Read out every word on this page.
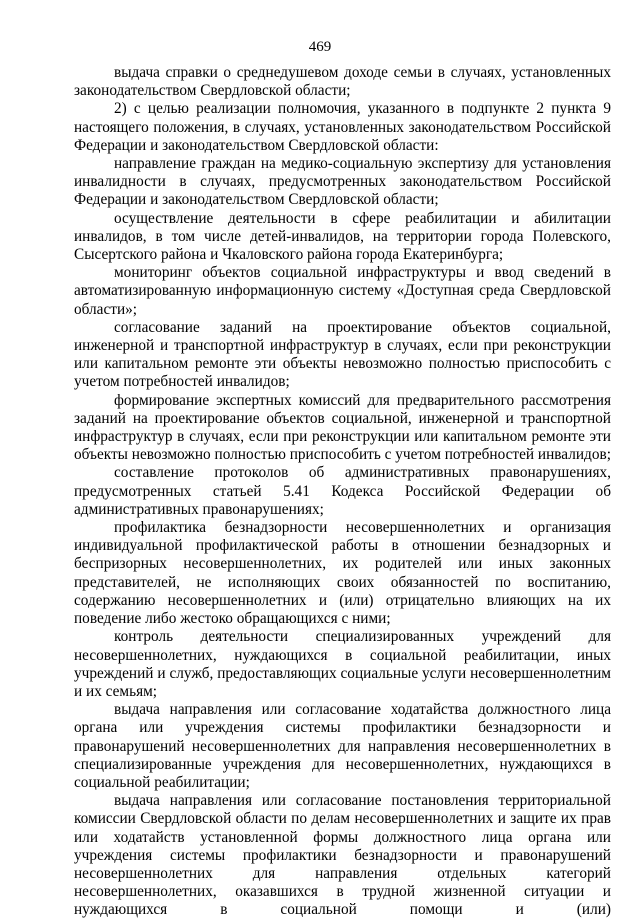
469

выдача справки о среднедушевом доходе семьи в случаях, установленных законодательством Свердловской области;

2) с целью реализации полномочия, указанного в подпункте 2 пункта 9 настоящего положения, в случаях, установленных законодательством Российской Федерации и законодательством Свердловской области:

направление граждан на медико-социальную экспертизу для установления инвалидности в случаях, предусмотренных законодательством Российской Федерации и законодательством Свердловской области;

осуществление деятельности в сфере реабилитации и абилитации инвалидов, в том числе детей-инвалидов, на территории города Полевского, Сысертского района и Чкаловского района города Екатеринбурга;

мониторинг объектов социальной инфраструктуры и ввод сведений в автоматизированную информационную систему «Доступная среда Свердловской области»;

согласование заданий на проектирование объектов социальной, инженерной и транспортной инфраструктур в случаях, если при реконструкции или капитальном ремонте эти объекты невозможно полностью приспособить с учетом потребностей инвалидов;

формирование экспертных комиссий для предварительного рассмотрения заданий на проектирование объектов социальной, инженерной и транспортной инфраструктур в случаях, если при реконструкции или капитальном ремонте эти объекты невозможно полностью приспособить с учетом потребностей инвалидов;

составление протоколов об административных правонарушениях, предусмотренных статьей 5.41 Кодекса Российской Федерации об административных правонарушениях;

профилактика безнадзорности несовершеннолетних и организация индивидуальной профилактической работы в отношении безнадзорных и беспризорных несовершеннолетних, их родителей или иных законных представителей, не исполняющих своих обязанностей по воспитанию, содержанию несовершеннолетних и (или) отрицательно влияющих на их поведение либо жестоко обращающихся с ними;

контроль деятельности специализированных учреждений для несовершеннолетних, нуждающихся в социальной реабилитации, иных учреждений и служб, предоставляющих социальные услуги несовершеннолетним и их семьям;

выдача направления или согласование ходатайства должностного лица органа или учреждения системы профилактики безнадзорности и правонарушений несовершеннолетних для направления несовершеннолетних в специализированные учреждения для несовершеннолетних, нуждающихся в социальной реабилитации;

выдача направления или согласование постановления территориальной комиссии Свердловской области по делам несовершеннолетних и защите их прав или ходатайств установленной формы должностного лица органа или учреждения системы профилактики безнадзорности и правонарушений несовершеннолетних для направления отдельных категорий несовершеннолетних, оказавшихся в трудной жизненной ситуации и нуждающихся в социальной помощи и (или)
